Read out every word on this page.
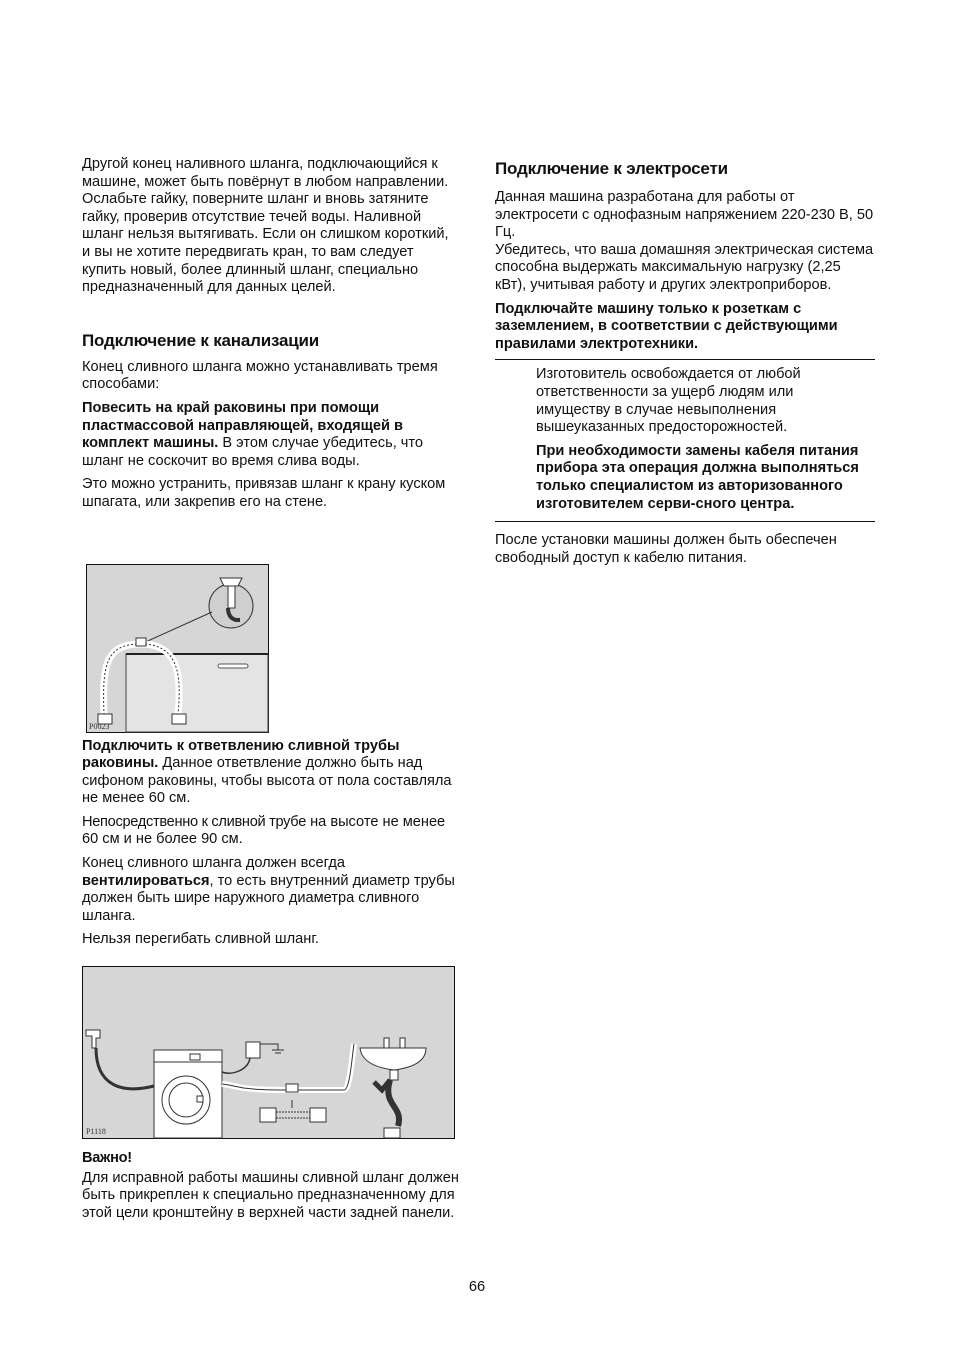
Другой конец наливного шланга, подключающийся к машине, может быть повёрнут в любом направлении. Ослабьте гайку, поверните шланг и вновь затяните гайку, проверив отсутствие течей воды. Наливной шланг нельзя вытягивать. Если он слишком короткий, и вы не хотите передвигать кран, то вам следует купить новый, более длинный шланг, специально предназначенный для данных целей.

Подключение к канализации

Конец сливного шланга можно устанавливать тремя способами:

Повесить на край раковины при помощи пластмассовой направляющей, входящей в комплект машины. В этом случае убедитесь, что шланг не соскочит во время слива воды.

Это можно устранить, привязав шланг к крану куском шпагата, или закрепив его на стене.

Подключить к ответвлению сливной трубы раковины. Данное ответвление должно быть над сифоном раковины, чтобы высота от пола составляла не менее 60 см.

Непосредственно к сливной трубе на высоте не менее 60 см и не более 90 см.

Конец сливного шланга должен всегда вентилироваться, то есть внутренний диаметр трубы должен быть шире наружного диаметра сливного шланга.

Нельзя перегибать сливной шланг.

P0023
P1118

Важно!

Для исправной работы машины сливной шланг должен быть прикреплен к специально предназначенному для этой цели кронштейну в верхней части задней панели.

Подключение к электросети

Данная машина разработана для работы от электросети с однофазным напряжением 220-230 В, 50 Гц.

Убедитесь, что ваша домашняя электрическая система способна выдержать максимальную нагрузку (2,25 кВт), учитывая работу и других электроприборов.

Подключайте машину только к розеткам с заземлением, в соответствии с действующими правилами электротехники.

Изготовитель освобождается от любой ответственности за ущерб людям или имуществу в случае невыполнения вышеуказанных предосторожностей.

При необходимости замены кабеля питания прибора эта операция должна выполняться только специалистом из авторизованного изготовителем серви-сного центра.

После установки машины должен быть обеспечен свободный доступ к кабелю питания.

66
